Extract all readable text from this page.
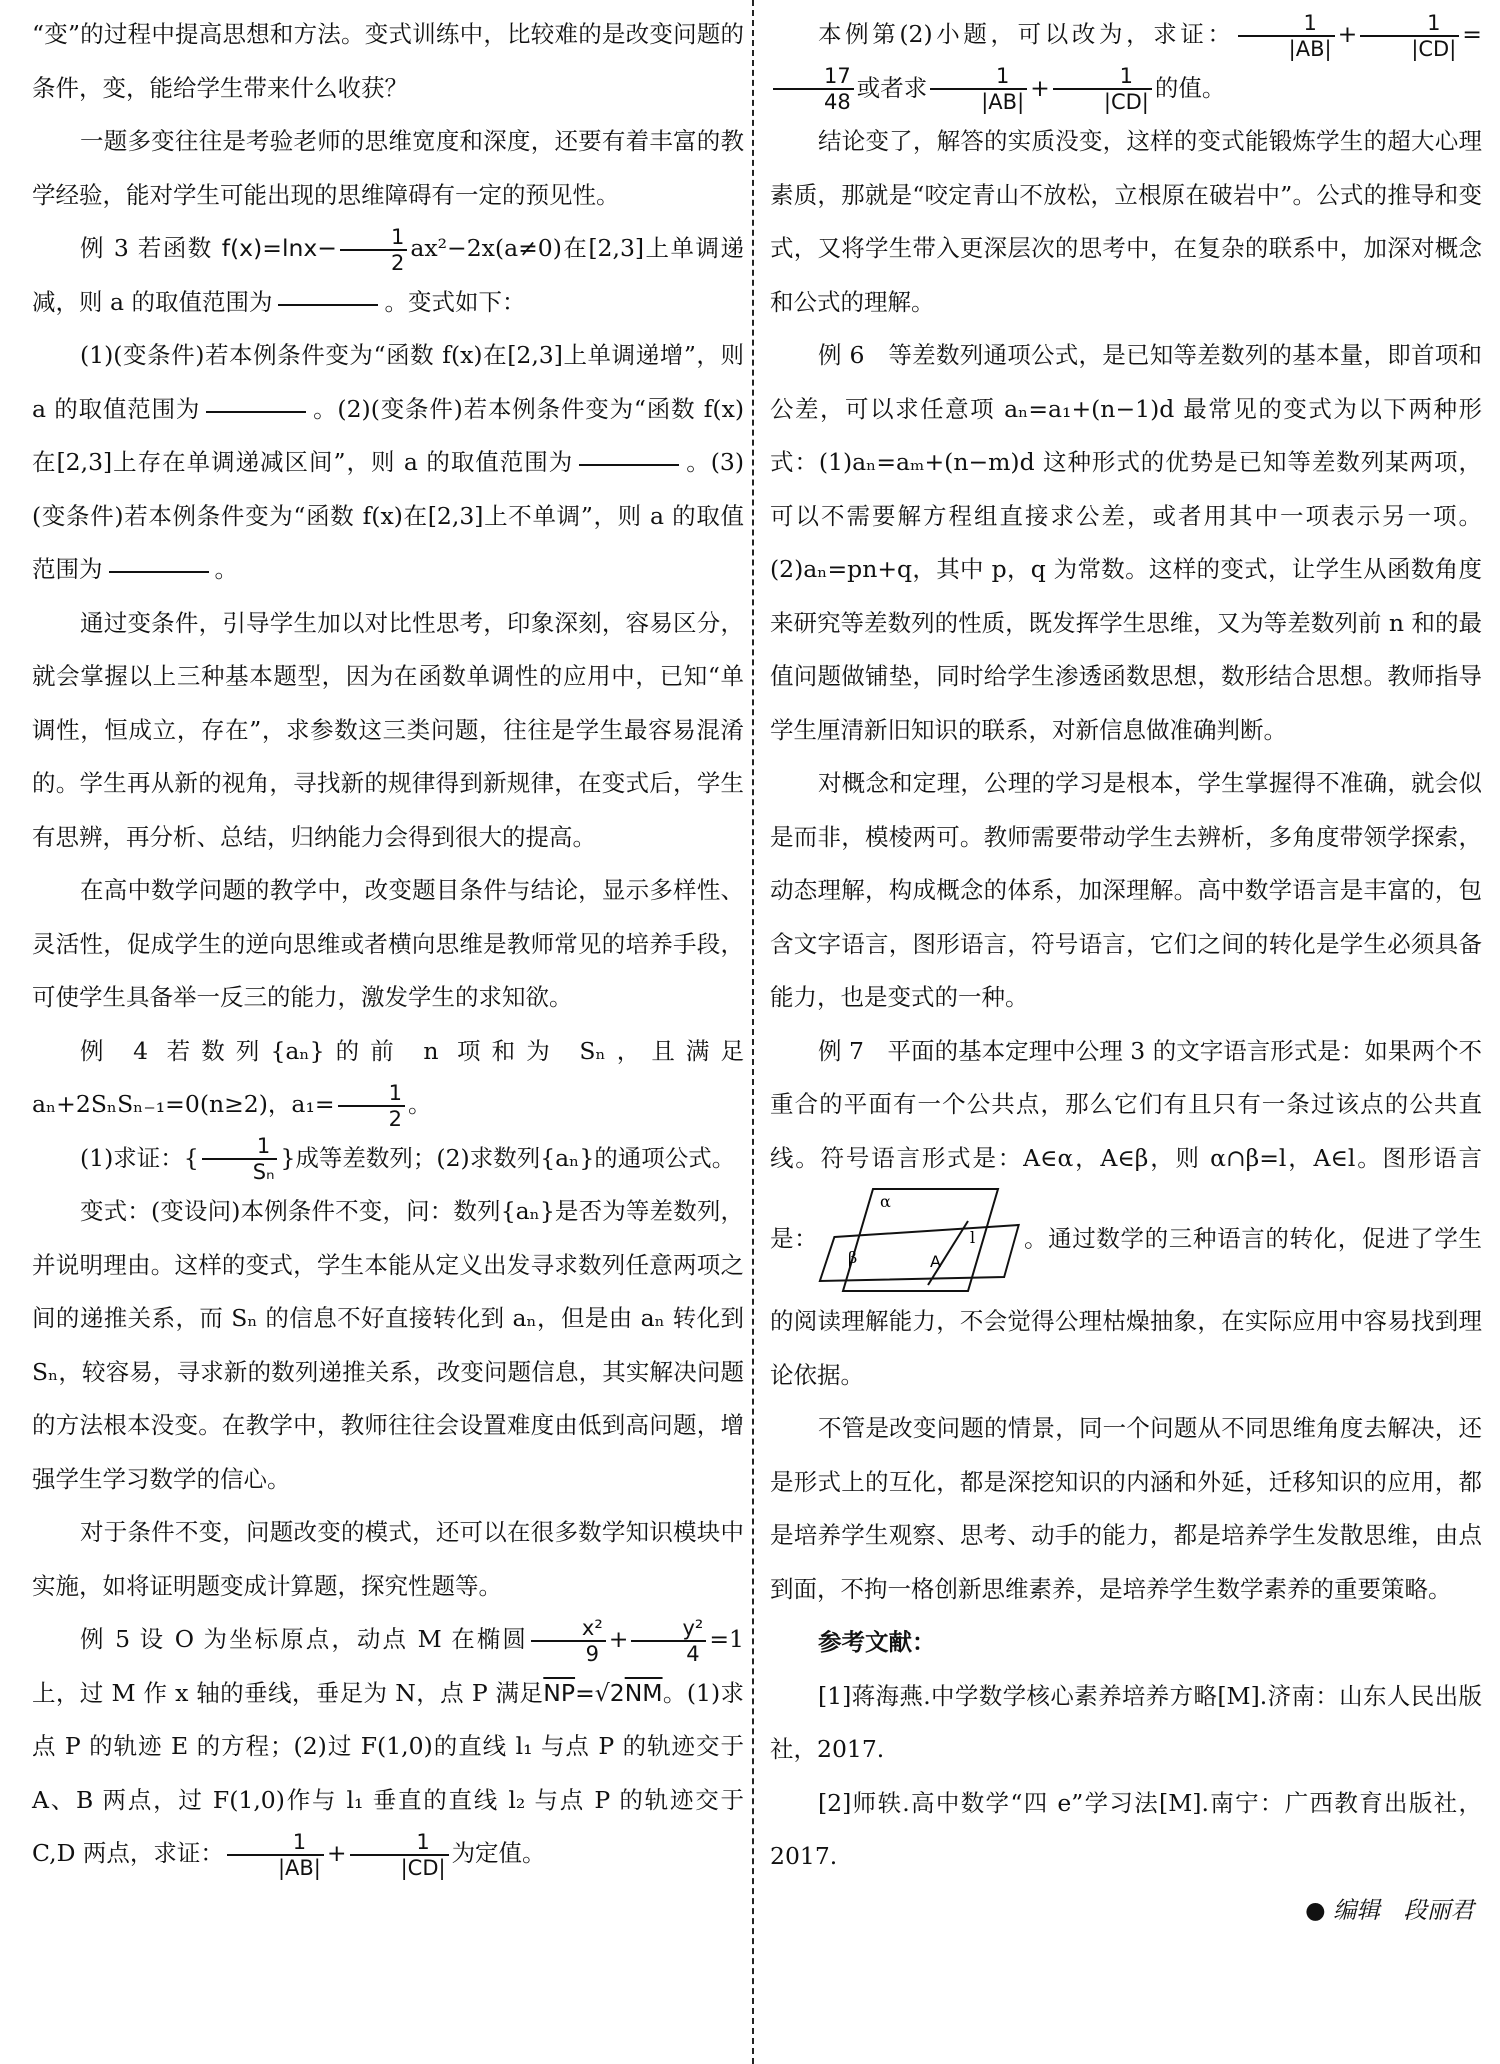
“变”的过程中提高思想和方法。变式训练中，比较难的是改变问题的条件，变，能给学生带来什么收获？

一题多变往往是考验老师的思维宽度和深度，还要有着丰富的教学经验，能对学生可能出现的思维障碍有一定的预见性。

例 3 若函数 $f(x)=\ln x- \frac{1}{2} ax^2-2x(a\ne 0)$在[2,3]上单调递减，则 a 的取值范围为	。变式如下：

(1)(变条件)若本例条件变为“函数 f(x)在[2,3]上单调递增”，则 a 的取值范围为	。(2)(变条件)若本例条件变为“函数 f(x)在[2,3]上存在单调递减区间”，则 a 的取值范围为	。(3)(变条件)若本例条件变为“函数 f(x)在[2,3]上不单调”，则 a 的取值范围为	。

通过变条件，引导学生加以对比性思考，印象深刻，容易区分，就会掌握以上三种基本题型，因为在函数单调性的应用中，已知“单调性，恒成立，存在”，求参数这三类问题，往往是学生最容易混淆的。学生再从新的视角，寻找新的规律得到新规律，在变式后，学生有思辨，再分析、总结，归纳能力会得到很大的提高。

在高中数学问题的教学中，改变题目条件与结论，显示多样性、灵活性，促成学生的逆向思维或者横向思维是教师常见的培养手段，可使学生具备举一反三的能力，激发学生的求知欲。

例 4 若数列{aₙ}的前 n 项和为 Sₙ，且满足 aₙ+2SₙSₙ₋₁=0(n≥2)，$a_1= \frac{1}{2}$ 。

(1)求证：{ $\frac{1}{\text{Sₙ}}$ }成等差数列；(2)求数列{aₙ}的通项公式。

变式：(变设问)本例条件不变，问：数列{aₙ}是否为等差数列，并说明理由。这样的变式，学生本能从定义出发寻求数列任意两项之间的递推关系，而 Sₙ 的信息不好直接转化到 aₙ，但是由 aₙ 转化到 Sₙ，较容易，寻求新的数列递推关系，改变问题信息，其实解决问题的方法根本没变。在教学中，教师往往会设置难度由低到高问题，增强学生学习数学的信心。

对于条件不变，问题改变的模式，还可以在很多数学知识模块中实施，如将证明题变成计算题，探究性题等。

例 5 设 O 为坐标原点，动点 M 在椭圆 $\frac{\text{x²}}{9} + \frac{\text{y²}}{4} =1$ 上，过 M 作 x 轴的垂线，垂足为 N，点 P 满足$\overline{NP}=√2\overline{NM}$。(1)求点 P 的轨迹 E 的方程；(2)过 F(1,0)的直线 l₁ 与点 P 的轨迹交于 A、B 两点，过 F(1,0)作与 l₁ 垂直的直线 l₂ 与点 P 的轨迹交于 C,D 两点，求证： $\frac{1}{|AB|} + \frac{1}{|CD|}$ 为定值。

本例第(2)小题，可以改为，求证： $\frac{1}{|AB|} + \frac{1}{|CD|}$ =
$\frac{17}{48}$ 或者求 $\frac{1}{|AB|} + \frac{1}{|CD|}$ 的值。

结论变了，解答的实质没变，这样的变式能锻炼学生的超大心理素质，那就是“咬定青山不放松，立根原在破岩中”。公式的推导和变式，又将学生带入更深层次的思考中，在复杂的联系中，加深对概念和公式的理解。

例 6　等差数列通项公式，是已知等差数列的基本量，即首项和公差，可以求任意项 aₙ=a₁+(n−1)d 最常见的变式为以下两种形式：(1)aₙ=aₘ+(n−m)d 这种形式的优势是已知等差数列某两项，可以不需要解方程组直接求公差，或者用其中一项表示另一项。(2)aₙ=pn+q，其中 p，q 为常数。这样的变式，让学生从函数角度来研究等差数列的性质，既发挥学生思维，又为等差数列前 n 和的最值问题做铺垫，同时给学生渗透函数思想，数形结合思想。教师指导学生厘清新旧知识的联系，对新信息做准确判断。

对概念和定理，公理的学习是根本，学生掌握得不准确，就会似是而非，模棱两可。教师需要带动学生去辨析，多角度带领学探索，动态理解，构成概念的体系，加深理解。高中数学语言是丰富的，包含文字语言，图形语言，符号语言，它们之间的转化是学生必须具备能力，也是变式的一种。

例 7　平面的基本定理中公理 3 的文字语言形式是：如果两个不重合的平面有一个公共点，那么它们有且只有一条过该点的公共直线。符号语言形式是：A∈α，A∈β，则 α∩β=l，A∈l。图形语言是：
α
β	A
l 。通过数学的三种语言的转化，促进了学生的阅读理解能力，不会觉得公理枯燥抽象，在实际应用中容易找到理论依据。

不管是改变问题的情景，同一个问题从不同思维角度去解决，还是形式上的互化，都是深挖知识的内涵和外延，迁移知识的应用，都是培养学生观察、思考、动手的能力，都是培养学生发散思维，由点到面，不拘一格创新思维素养，是培养学生数学素养的重要策略。

参考文献：

[1]蒋海燕.中学数学核心素养培养方略[M].济南：山东人民出版社，2017.

[2]师轶.高中数学“四 e”学习法[M].南宁：广西教育出版社，2017.

● 编辑　段丽君
